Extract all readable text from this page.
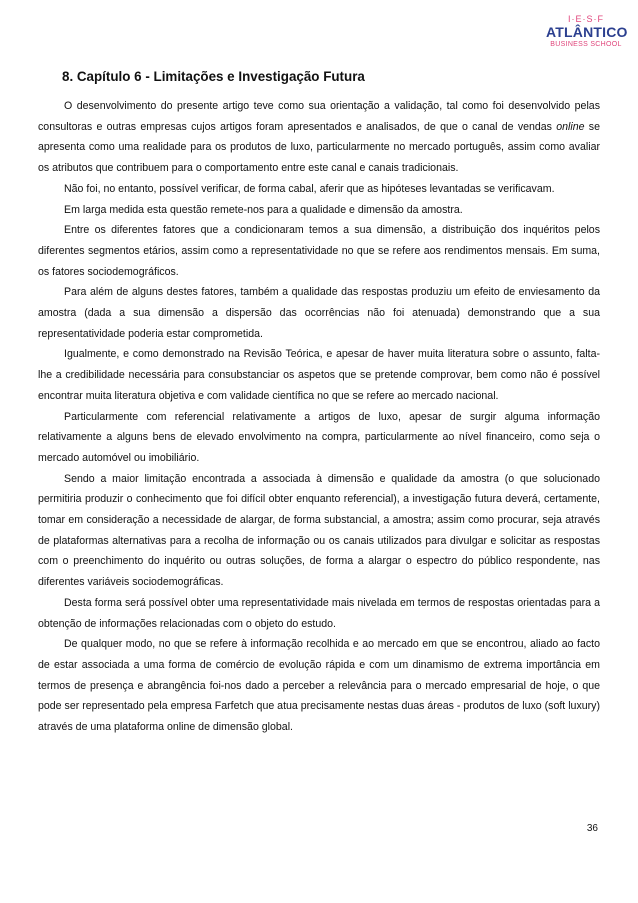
I·E·S·F
ATLÂNTICO
BUSINESS SCHOOL
8. Capítulo 6 - Limitações e Investigação Futura

O desenvolvimento do presente artigo teve como sua orientação a validação, tal como foi desenvolvido pelas consultoras e outras empresas cujos artigos foram apresentados e analisados, de que o canal de vendas online se apresenta como uma realidade para os produtos de luxo, particularmente no mercado português, assim como avaliar os atributos que contribuem para o comportamento entre este canal e canais tradicionais.

Não foi, no entanto, possível verificar, de forma cabal, aferir que as hipóteses levantadas se verificavam.

Em larga medida esta questão remete-nos para a qualidade e dimensão da amostra.

Entre os diferentes fatores que a condicionaram temos a sua dimensão, a distribuição dos inquéritos pelos diferentes segmentos etários, assim como a representatividade no que se refere aos rendimentos mensais. Em suma, os fatores sociodemográficos.

Para além de alguns destes fatores, também a qualidade das respostas produziu um efeito de enviesamento da amostra (dada a sua dimensão a dispersão das ocorrências não foi atenuada) demonstrando que a sua representatividade poderia estar comprometida.

Igualmente, e como demonstrado na Revisão Teórica, e apesar de haver muita literatura sobre o assunto, falta-lhe a credibilidade necessária para consubstanciar os aspetos que se pretende comprovar, bem como não é possível encontrar muita literatura objetiva e com validade científica no que se refere ao mercado nacional.

Particularmente com referencial relativamente a artigos de luxo, apesar de surgir alguma informação relativamente a alguns bens de elevado envolvimento na compra, particularmente ao nível financeiro, como seja o mercado automóvel ou imobiliário.

Sendo a maior limitação encontrada a associada à dimensão e qualidade da amostra (o que solucionado permitiria produzir o conhecimento que foi difícil obter enquanto referencial), a investigação futura deverá, certamente, tomar em consideração a necessidade de alargar, de forma substancial, a amostra; assim como procurar, seja através de plataformas alternativas para a recolha de informação ou os canais utilizados para divulgar e solicitar as respostas com o preenchimento do inquérito ou outras soluções, de forma a alargar o espectro do público respondente, nas diferentes variáveis sociodemográficas.

Desta forma será possível obter uma representatividade mais nivelada em termos de respostas orientadas para a obtenção de informações relacionadas com o objeto do estudo.

De qualquer modo, no que se refere à informação recolhida e ao mercado em que se encontrou, aliado ao facto de estar associada a uma forma de comércio de evolução rápida e com um dinamismo de extrema importância em termos de presença e abrangência foi-nos dado a perceber a relevância para o mercado empresarial de hoje, o que pode ser representado pela empresa Farfetch que atua precisamente nestas duas áreas - produtos de luxo (soft luxury) através de uma plataforma online de dimensão global.

36
